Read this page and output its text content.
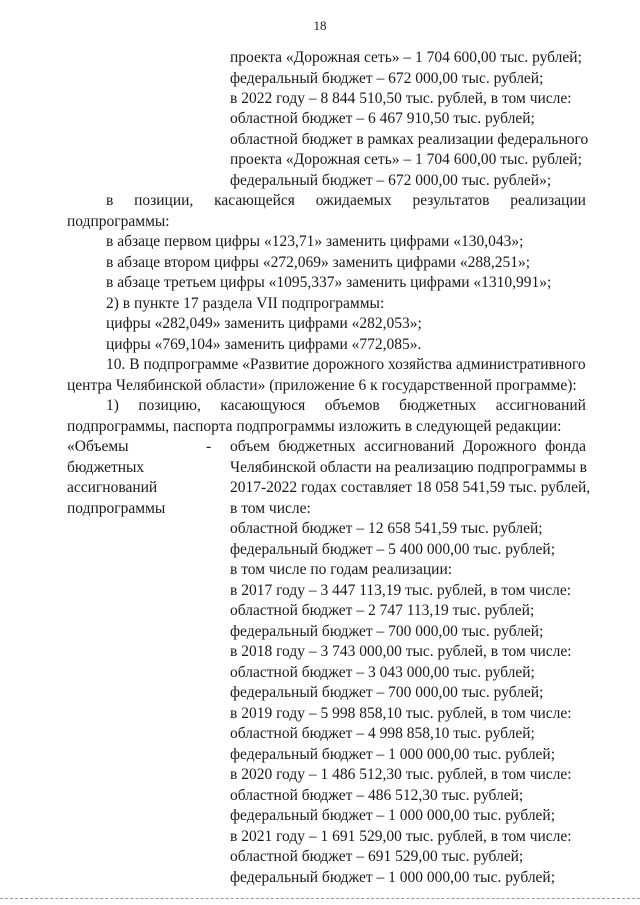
18
проекта «Дорожная сеть» – 1 704 600,00 тыс. рублей;
федеральный бюджет – 672 000,00 тыс. рублей;
в 2022 году – 8 844 510,50 тыс. рублей, в том числе:
областной бюджет – 6 467 910,50 тыс. рублей;
областной бюджет в рамках реализации федерального
проекта «Дорожная сеть» – 1 704 600,00 тыс. рублей;
федеральный бюджет – 672 000,00 тыс. рублей»;
в позиции, касающейся ожидаемых результатов реализации
подпрограммы:
в абзаце первом цифры «123,71» заменить цифрами «130,043»;
в абзаце втором цифры «272,069» заменить цифрами «288,251»;
в абзаце третьем цифры «1095,337» заменить цифрами «1310,991»;
2) в пункте 17 раздела VII подпрограммы:
цифры «282,049» заменить цифрами «282,053»;
цифры «769,104» заменить цифрами «772,085».
10. В подпрограмме «Развитие дорожного хозяйства административного
центра Челябинской области» (приложение 6 к государственной программе):
1) позицию, касающуюся объемов бюджетных ассигнований
подпрограммы, паспорта подпрограммы изложить в следующей редакции:
«Объемы
бюджетных
ассигнований
подпрограммы
- объем бюджетных ассигнований Дорожного фонда
Челябинской области на реализацию подпрограммы в
2017-2022 годах составляет 18 058 541,59 тыс. рублей,
в том числе:
областной бюджет – 12 658 541,59 тыс. рублей;
федеральный бюджет – 5 400 000,00 тыс. рублей;
в том числе по годам реализации:
в 2017 году – 3 447 113,19 тыс. рублей, в том числе:
областной бюджет – 2 747 113,19 тыс. рублей;
федеральный бюджет – 700 000,00 тыс. рублей;
в 2018 году – 3 743 000,00 тыс. рублей, в том числе:
областной бюджет – 3 043 000,00 тыс. рублей;
федеральный бюджет – 700 000,00 тыс. рублей;
в 2019 году – 5 998 858,10 тыс. рублей, в том числе:
областной бюджет – 4 998 858,10 тыс. рублей;
федеральный бюджет – 1 000 000,00 тыс. рублей;
в 2020 году – 1 486 512,30 тыс. рублей, в том числе:
областной бюджет – 486 512,30 тыс. рублей;
федеральный бюджет – 1 000 000,00 тыс. рублей;
в 2021 году – 1 691 529,00 тыс. рублей, в том числе:
областной бюджет – 691 529,00 тыс. рублей;
федеральный бюджет – 1 000 000,00 тыс. рублей;
